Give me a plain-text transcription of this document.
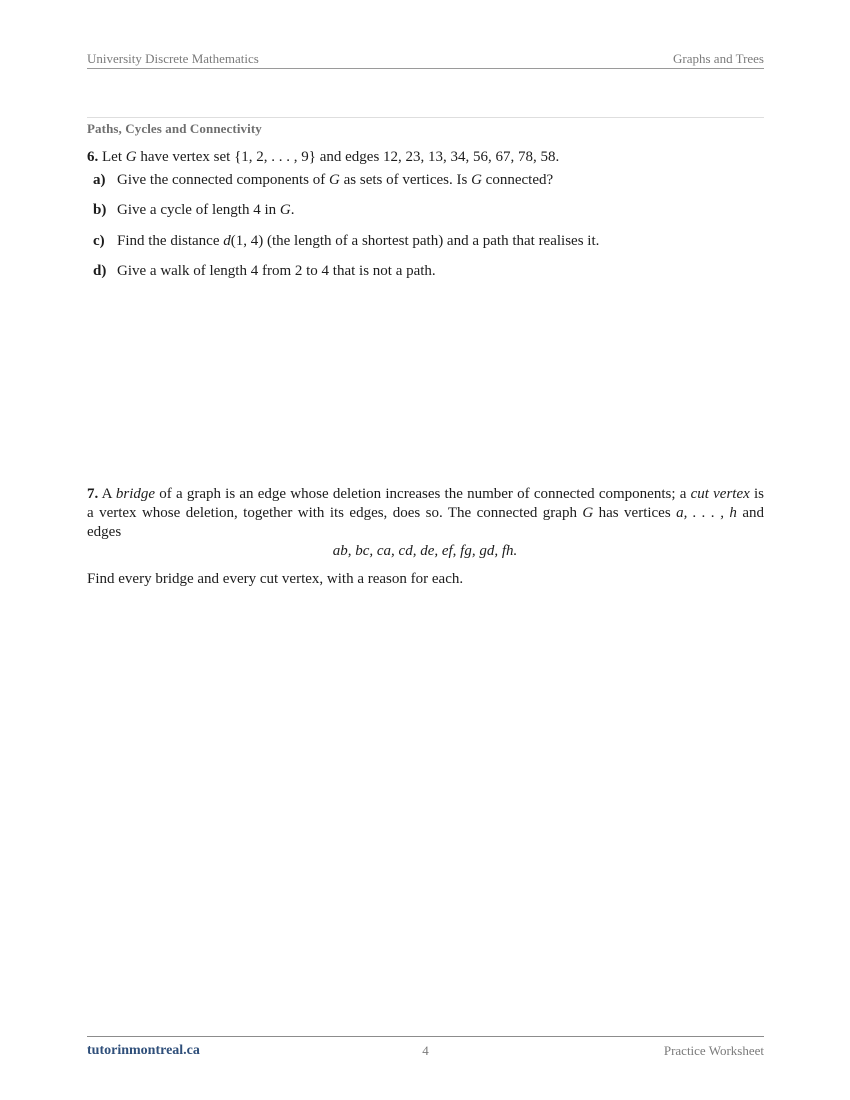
University Discrete Mathematics	Graphs and Trees
Paths, Cycles and Connectivity
6. Let G have vertex set {1, 2, . . . , 9} and edges 12, 23, 13, 34, 56, 67, 78, 58.
a) Give the connected components of G as sets of vertices. Is G connected?
b) Give a cycle of length 4 in G.
c) Find the distance d(1, 4) (the length of a shortest path) and a path that realises it.
d) Give a walk of length 4 from 2 to 4 that is not a path.
7. A bridge of a graph is an edge whose deletion increases the number of connected components; a cut vertex is a vertex whose deletion, together with its edges, does so. The connected graph G has vertices a, . . . , h and edges
ab, bc, ca, cd, de, ef, fg, gd, fh.
Find every bridge and every cut vertex, with a reason for each.
tutorinmontreal.ca	4	Practice Worksheet
